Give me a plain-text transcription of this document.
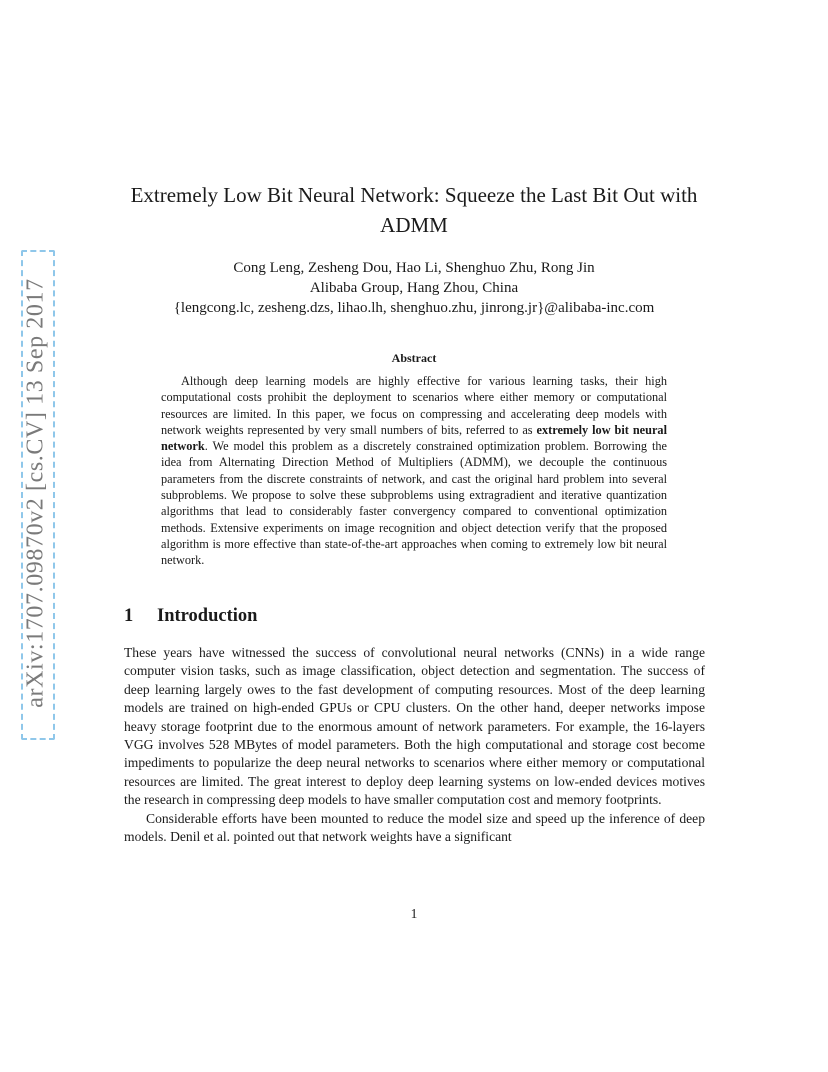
arXiv:1707.09870v2 [cs.CV] 13 Sep 2017
Extremely Low Bit Neural Network: Squeeze the Last Bit Out with ADMM
Cong Leng, Zesheng Dou, Hao Li, Shenghuo Zhu, Rong Jin
Alibaba Group, Hang Zhou, China
{lengcong.lc, zesheng.dzs, lihao.lh, shenghuo.zhu, jinrong.jr}@alibaba-inc.com
Abstract

Although deep learning models are highly effective for various learning tasks, their high computational costs prohibit the deployment to scenarios where either memory or computational resources are limited. In this paper, we focus on compressing and accelerating deep models with network weights represented by very small numbers of bits, referred to as extremely low bit neural network. We model this problem as a discretely constrained optimization problem. Borrowing the idea from Alternating Direction Method of Multipliers (ADMM), we decouple the continuous parameters from the discrete constraints of network, and cast the original hard problem into several subproblems. We propose to solve these subproblems using extragradient and iterative quantization algorithms that lead to considerably faster convergency compared to conventional optimization methods. Extensive experiments on image recognition and object detection verify that the proposed algorithm is more effective than state-of-the-art approaches when coming to extremely low bit neural network.

1 Introduction

These years have witnessed the success of convolutional neural networks (CNNs) in a wide range computer vision tasks, such as image classification, object detection and segmentation. The success of deep learning largely owes to the fast development of computing resources. Most of the deep learning models are trained on high-ended GPUs or CPU clusters. On the other hand, deeper networks impose heavy storage footprint due to the enormous amount of network parameters. For example, the 16-layers VGG involves 528 MBytes of model parameters. Both the high computational and storage cost become impediments to popularize the deep neural networks to scenarios where either memory or computational resources are limited. The great interest to deploy deep learning systems on low-ended devices motives the research in compressing deep models to have smaller computation cost and memory footprints.

Considerable efforts have been mounted to reduce the model size and speed up the inference of deep models. Denil et al. pointed out that network weights have a significant

1
